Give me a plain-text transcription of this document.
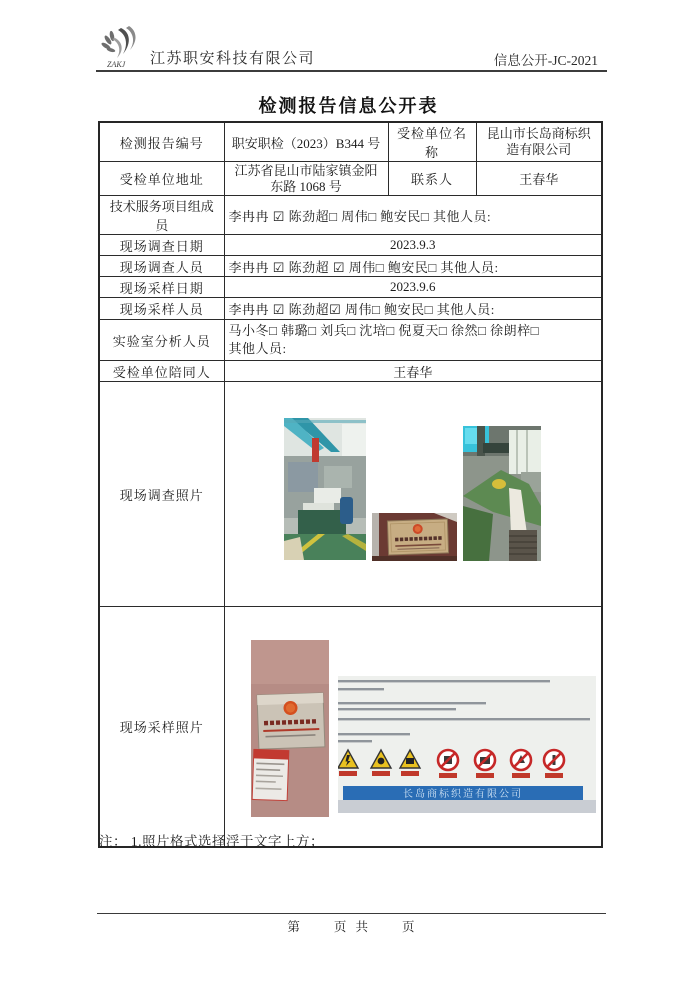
ZAKJ 江苏职安科技有限公司	信息公开-JC-2021
检测报告信息公开表
检测报告编号	职安职检（2023）B344 号	受检单位名称	昆山市长岛商标织造有限公司
受检单位地址	江苏省昆山市陆家镇金阳东路 1068 号	联系人	王春华
技术服务项目组成员	李冉冉 ☑ 陈劲超□ 周伟□ 鲍安民□ 其他人员:		
现场调查日期	2023.9.3		
现场调查人员	李冉冉 ☑ 陈劲超 ☑ 周伟□ 鲍安民□ 其他人员:		
现场采样日期	2023.9.6		
现场采样人员	李冉冉 ☑ 陈劲超☑ 周伟□ 鲍安民□ 其他人员:		
实验室分析人员	马小冬□ 韩璐□ 刘兵□ 沈培□ 倪夏天□ 徐然□ 徐朗梓□
其他人员:		

受检单位陪同人	王春华		
现场调查照片	

现场采样照片	长岛商标织造有限公司		
注： 1.照片格式选择浮于文字上方；
第　　页 共　　页
